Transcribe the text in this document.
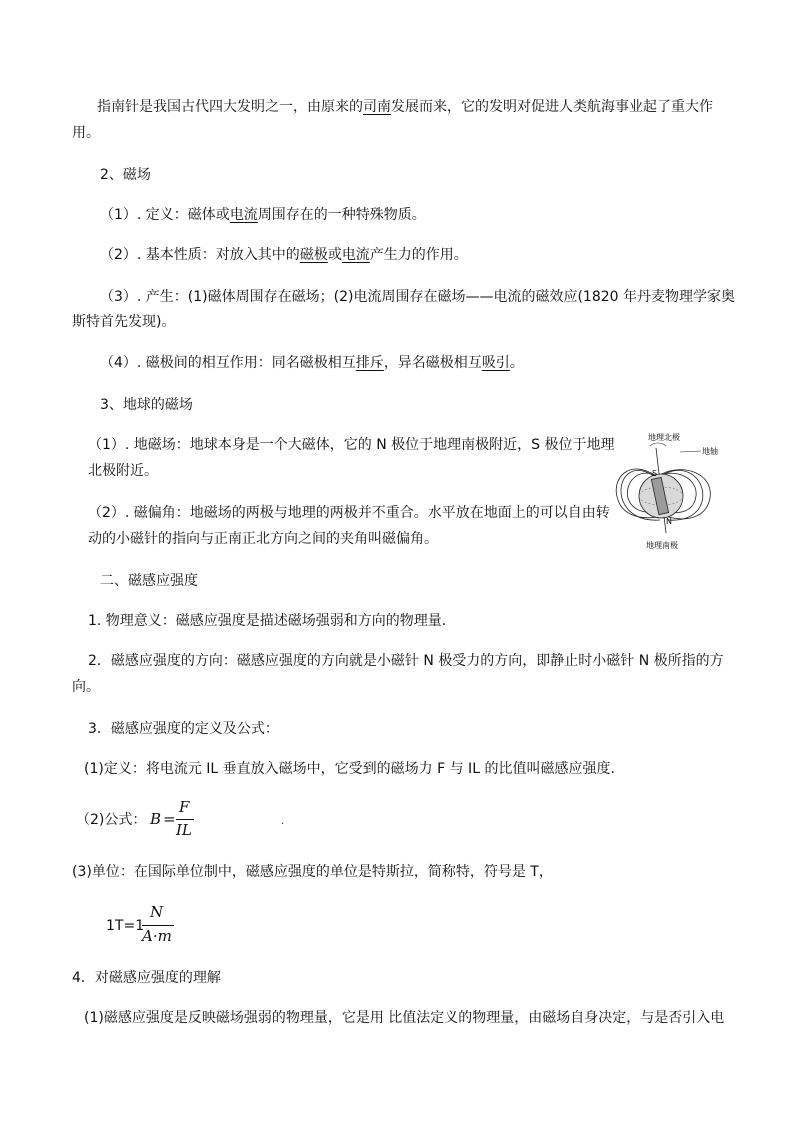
指南针是我国古代四大发明之一，由原来的司南发展而来，它的发明对促进人类航海事业起了重大作
用。
2、磁场
（1）. 定义：磁体或电流周围存在的一种特殊物质。
（2）. 基本性质：对放入其中的磁极或电流产生力的作用。
（3）. 产生：(1)磁体周围存在磁场；(2)电流周围存在磁场——电流的磁效应(1820 年丹麦物理学家奥
斯特首先发现)。
（4）. 磁极间的相互作用：同名磁极相互排斥，异名磁极相互吸引。
3、地球的磁场
（1）. 地磁场：地球本身是一个大磁体，它的 N 极位于地理南极附近，S 极位于地理
北极附近。
（2）. 磁偏角：地磁场的两极与地理的两极并不重合。水平放在地面上的可以自由转
动的小磁针的指向与正南正北方向之间的夹角叫磁偏角。
地理北极
地轴
S
N
地理南极
二、磁感应强度
1. 物理意义：磁感应强度是描述磁场强弱和方向的物理量．
2．磁感应强度的方向：磁感应强度的方向就是小磁针 N 极受力的方向，即静止时小磁针 N 极所指的方
向。
3．磁感应强度的定义及公式：
(1)定义：将电流元 IL 垂直放入磁场中，它受到的磁场力 F 与 IL 的比值叫磁感应强度.
（2)公式： B =
F
IL	.
(3)单位：在国际单位制中，磁感应强度的单位是特斯拉，简称特，符号是 T，
1T=1
N
A·m
4．对磁感应强度的理解
(1)磁感应强度是反映磁场强弱的物理量，它是用 比值法定义的物理量，由磁场自身决定，与是否引入电
